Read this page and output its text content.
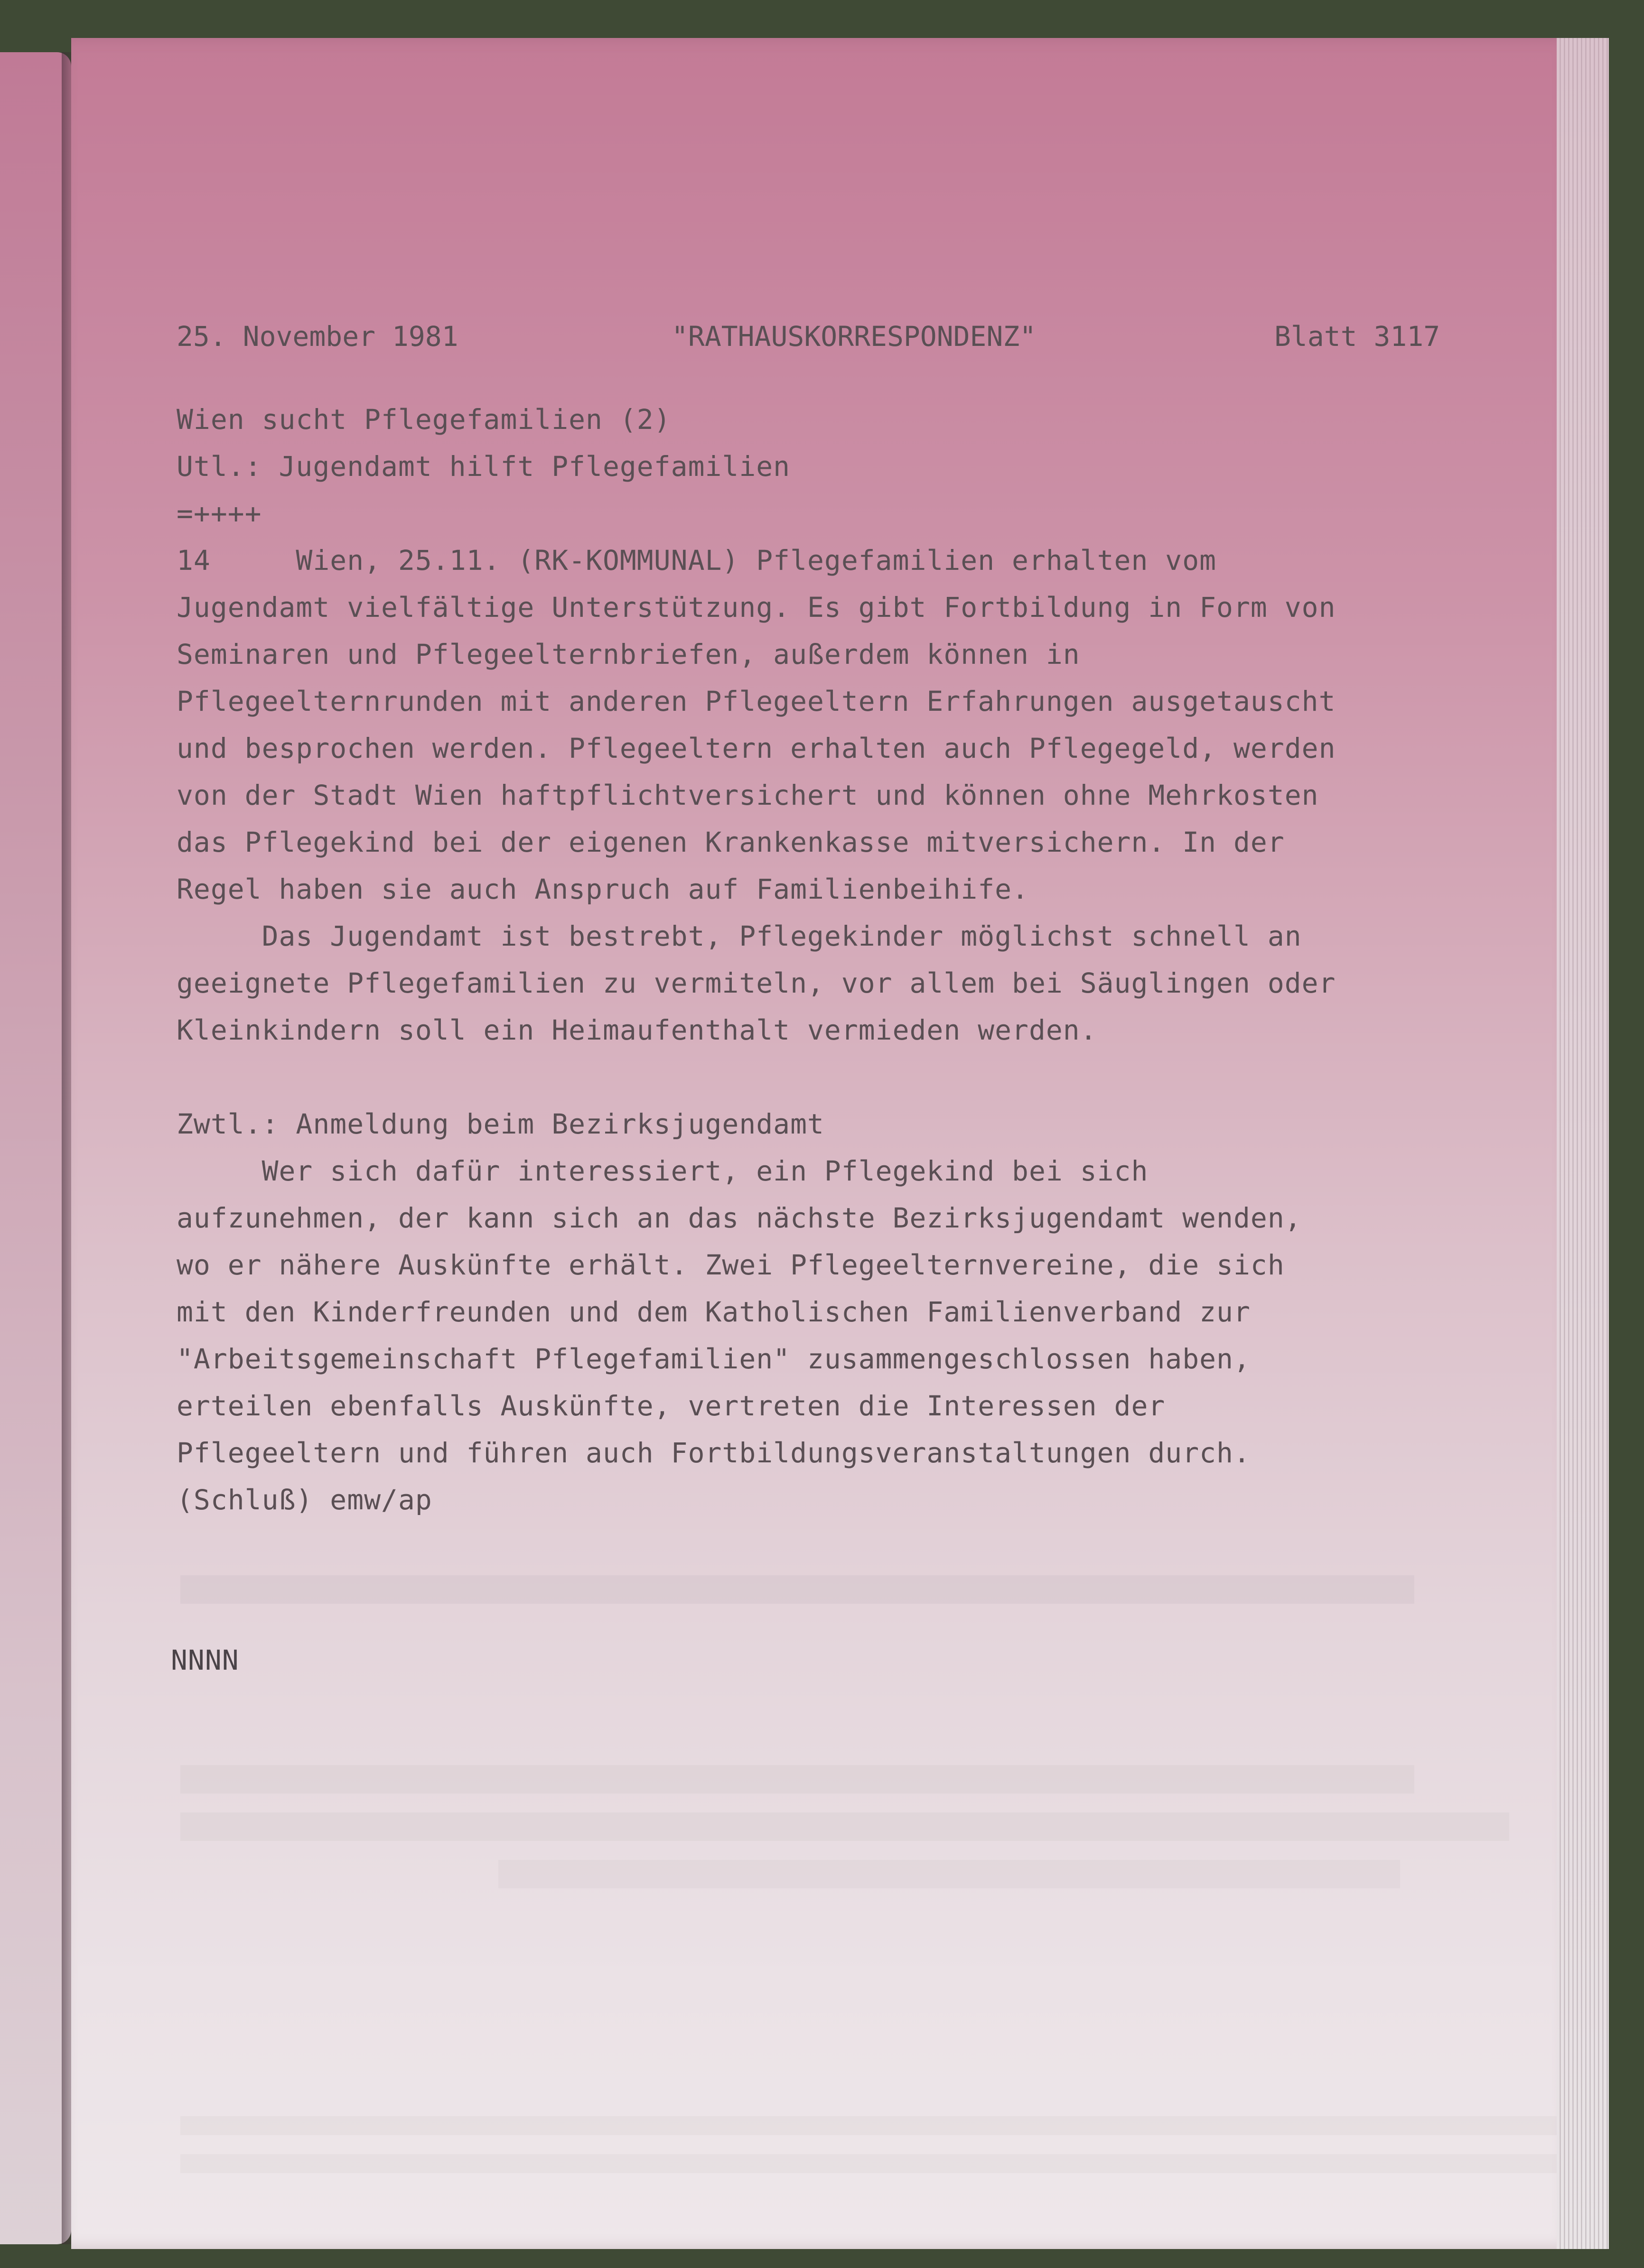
25. November 1981	"RATHAUSKORRESPONDENZ"	Blatt 3117
Wien sucht Pflegefamilien (2)
Utl.: Jugendamt hilft Pflegefamilien
=++++
14     Wien, 25.11. (RK-KOMMUNAL) Pflegefamilien erhalten vom
Jugendamt vielfältige Unterstützung. Es gibt Fortbildung in Form von
Seminaren und Pflegeelternbriefen, außerdem können in
Pflegeelternrunden mit anderen Pflegeeltern Erfahrungen ausgetauscht
und besprochen werden. Pflegeeltern erhalten auch Pflegegeld, werden
von der Stadt Wien haftpflichtversichert und können ohne Mehrkosten
das Pflegekind bei der eigenen Krankenkasse mitversichern. In der
Regel haben sie auch Anspruch auf Familienbeihife.
Das Jugendamt ist bestrebt, Pflegekinder möglichst schnell an
geeignete Pflegefamilien zu vermiteln, vor allem bei Säuglingen oder
Kleinkindern soll ein Heimaufenthalt vermieden werden.
Zwtl.: Anmeldung beim Bezirksjugendamt
Wer sich dafür interessiert, ein Pflegekind bei sich
aufzunehmen, der kann sich an das nächste Bezirksjugendamt wenden,
wo er nähere Auskünfte erhält. Zwei Pflegeelternvereine, die sich
mit den Kinderfreunden und dem Katholischen Familienverband zur
"Arbeitsgemeinschaft Pflegefamilien" zusammengeschlossen haben,
erteilen ebenfalls Auskünfte, vertreten die Interessen der
Pflegeeltern und führen auch Fortbildungsveranstaltungen durch.
(Schluß) emw/ap
NNNN
